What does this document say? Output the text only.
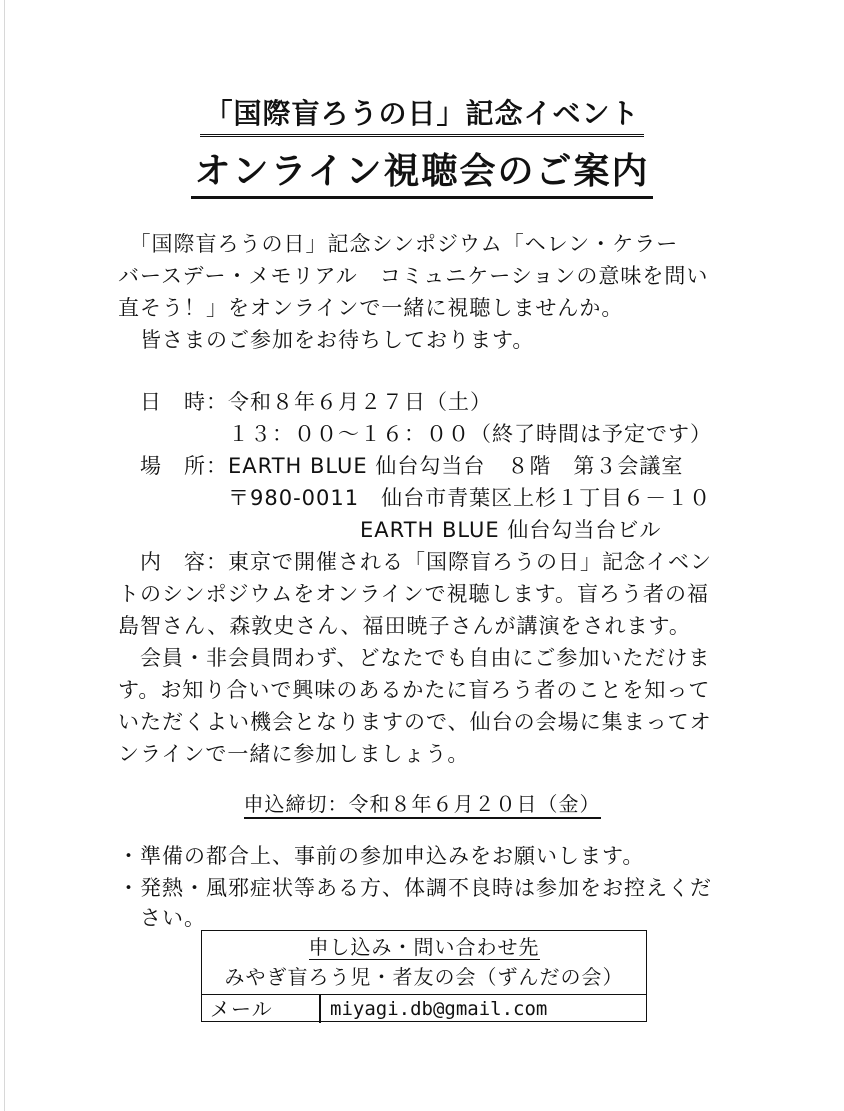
「国際盲ろうの日」記念イベント
オンライン視聴会のご案内
　「国際盲ろうの日」記念シンポジウム「ヘレン・ケラー
バースデー・メモリアル　コミュニケーションの意味を問い
直そう！」をオンラインで一緒に視聴しませんか。
　皆さまのご参加をお待ちしております。
　日　時：令和８年６月２７日（土）
　　　　　１３：００～１６：００（終了時間は予定です）
　場　所：EARTH BLUE 仙台勾当台　８階　第３会議室
　　　　　〒980-0011　仙台市青葉区上杉１丁目６－１０
　　　　　　　　　　　EARTH BLUE 仙台勾当台ビル
　内　容：東京で開催される「国際盲ろうの日」記念イベン
トのシンポジウムをオンラインで視聴します。盲ろう者の福
島智さん、森敦史さん、福田暁子さんが講演をされます。
　会員・非会員問わず、どなたでも自由にご参加いただけま
す。お知り合いで興味のあるかたに盲ろう者のことを知って
いただくよい機会となりますので、仙台の会場に集まってオ
ンラインで一緒に参加しましょう。
申込締切：令和８年６月２０日（金）
・準備の都合上、事前の参加申込みをお願いします。
・発熱・風邪症状等ある方、体調不良時は参加をお控えくだ
　さい。
申し込み・問い合わせ先
みやぎ盲ろう児・者友の会（ずんだの会）
メール	miyagi.db@gmail.com
